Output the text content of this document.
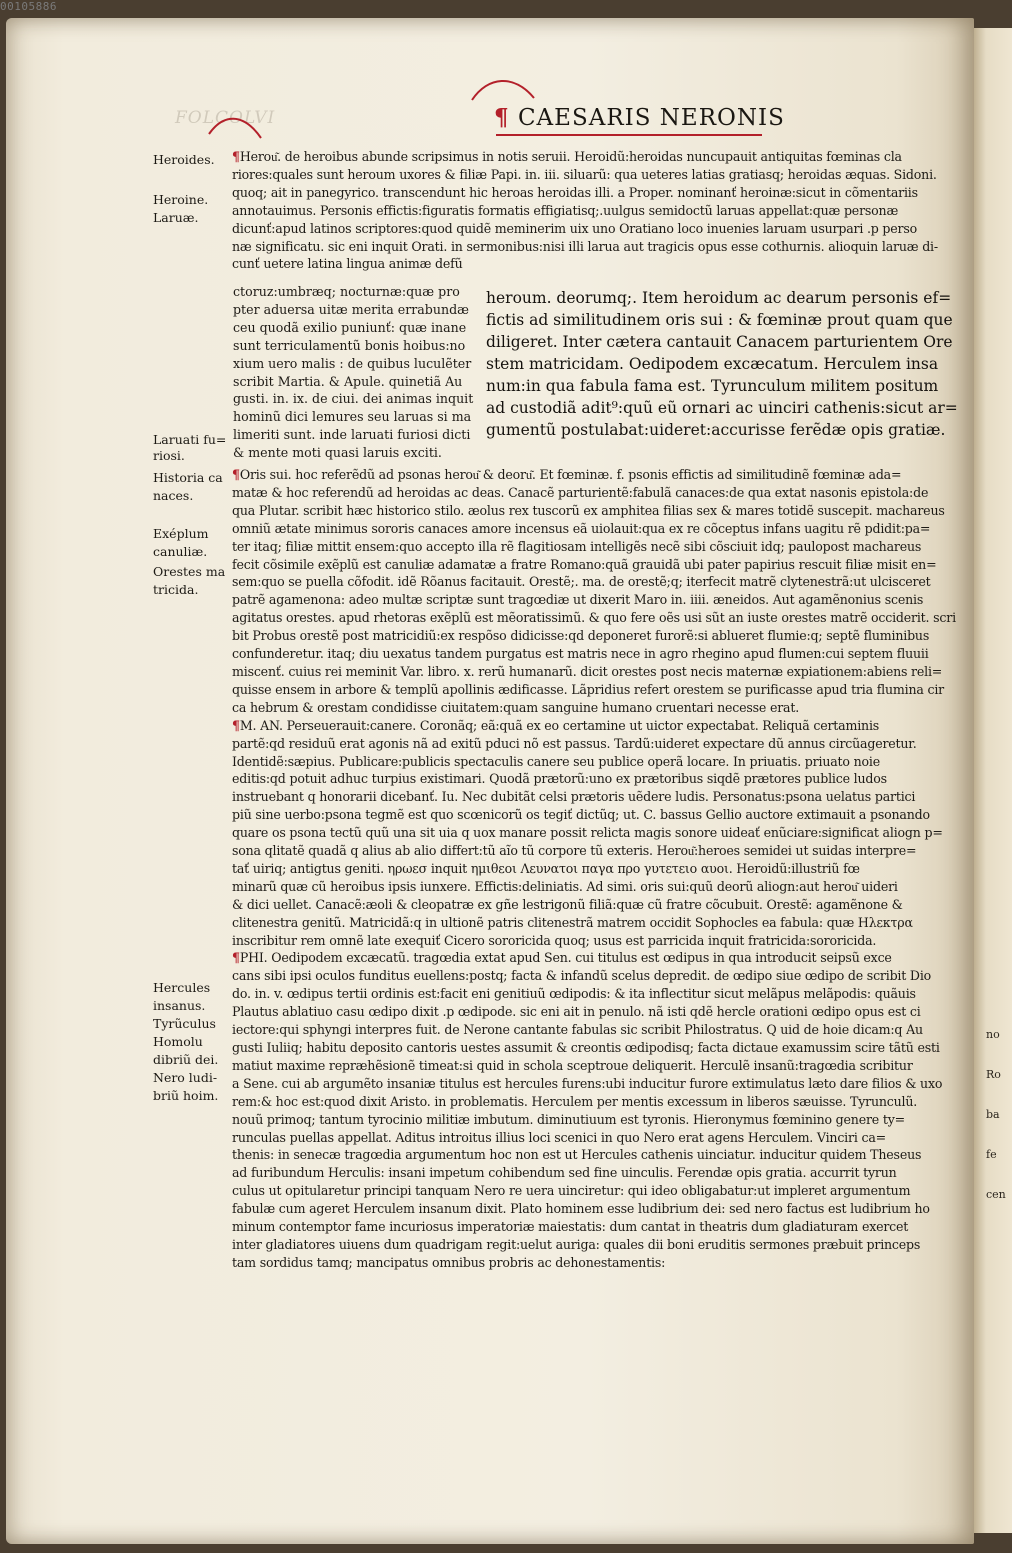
00105886
no
Ro
ba
fe
cen
FOLCOLVI	¶ CAESARIS NERONIS
Heroides.
Heroine.
Laruæ.
Laruati fu=
riosi.
Historia ca
naces.
Exéplum
canuliæ.
Orestes ma
tricida.
Hercules
insanus.
Tyrũculus
Homolu
dibriũ dei.
Nero ludi-
briũ hoim.
¶Herou͂. de heroibus abunde scripsimus in notis seruii. Heroidũ:heroidas nuncupauit antiquitas fœminas cla
riores:quales sunt heroum uxores & filiæ Papi. in. iii. siluarũ: qua ueteres latias gratiasq; heroidas æquas. Sidoni.
quoq; ait in panegyrico. transcendunt hic heroas heroidas illi. a Proper. nominanť heroinæ:sicut in cõmentariis
annotauimus. Personis effictis:figuratis formatis effigiatisq;.uulgus semidoctũ laruas appellat:quæ personæ
dicunť:apud latinos scriptores:quod quidẽ meminerim uix uno Oratiano loco inuenies laruam usurpari .p perso
næ significatu. sic eni inquit Orati. in sermonibus:nisi illi larua aut tragicis opus esse cothurnis. alioquin laruæ di-
cunť uetere latina lingua animæ defũ
ctoruz:umbræq; nocturnæ:quæ pro
pter aduersa uitæ merita errabundæ
ceu quodã exilio puniunť: quæ inane
sunt terriculamentũ bonis hoibus:no
xium uero malis : de quibus luculẽter
scribit Martia. & Apule. quinetiã Au
gusti. in. ix. de ciui. dei animas inquit
hominũ dici lemures seu laruas si ma
limeriti sunt. inde laruati furiosi dicti
& mente moti quasi laruis exciti.
heroum. deorumq;. Item heroidum ac dearum personis ef=
fictis ad similitudinem oris sui : & fœminæ prout quam que
diligeret. Inter cætera cantauit Canacem parturientem Ore
stem matricidam. Oedipodem excæcatum. Herculem insa
num:in qua fabula fama est. Tyrunculum militem positum
ad custodiã adit⁹:quũ eũ ornari ac uinciri cathenis:sicut ar=
gumentũ postulabat:uideret:accurisse ferẽdæ opis gratiæ.
¶Oris sui. hoc referẽdũ ad psonas herou͂ & deoru͂. Et fœminæ. f. psonis effictis ad similitudinẽ fœminæ ada=
matæ & hoc referendũ ad heroidas ac deas. Canacẽ parturientẽ:fabulã canaces:de qua extat nasonis epistola:de
qua Plutar. scribit hæc historico stilo. æolus rex tuscorũ ex amphitea filias sex & mares totidẽ suscepit. machareus
omniũ ætate minimus sororis canaces amore incensus eã uiolauit:qua ex re cõceptus infans uagitu rẽ pdidit:pa=
ter itaq; filiæ mittit ensem:quo accepto illa rẽ flagitiosam intelligẽs necẽ sibi cõsciuit idq; paulopost machareus
fecit cõsimile exẽplũ est canuliæ adamatæ a fratre Romano:quã grauidã ubi pater papirius rescuit filiæ misit en=
sem:quo se puella cõfodit. idẽ Rõanus facitauit. Orestẽ;. ma. de orestẽ;q; iterfecit matrẽ clytenestrã:ut ulcisceret
patrẽ agamenona: adeo multæ scriptæ sunt tragœdiæ ut dixerit Maro in. iiii. æneidos. Aut agamẽnonius scenis
agitatus orestes. apud rhetoras exẽplũ est mẽoratissimũ. & quo fere oẽs usi sũt an iuste orestes matrẽ occiderit. scri
bit Probus orestẽ post matricidiũ:ex respõso didicisse:qd deponeret furorẽ:si ablueret flumie:q; septẽ fluminibus
confunderetur. itaq; diu uexatus tandem purgatus est matris nece in agro rhegino apud flumen:cui septem fluuii
miscenť. cuius rei meminit Var. libro. x. rerũ humanarũ. dicit orestes post necis maternæ expiationem:abiens reli=
quisse ensem in arbore & templũ apollinis ædificasse. Lãpridius refert orestem se purificasse apud tria flumina cir
ca hebrum & orestam condidisse ciuitatem:quam sanguine humano cruentari necesse erat.
¶M. AN. Perseuerauit:canere. Coronãq; eã:quã ex eo certamine ut uictor expectabat. Reliquã certaminis
partẽ:qd residuũ erat agonis nã ad exitũ pduci nõ est passus. Tardũ:uideret expectare dũ annus circũageretur.
Identidẽ:sæpius. Publicare:publicis spectaculis canere seu publice operã locare. In priuatis. priuato noie
editis:qd potuit adhuc turpius existimari. Quodã prætorũ:uno ex prætoribus siqdẽ prætores publice ludos
instruebant q honorarii dicebanť. Iu. Nec dubitãt celsi prætoris uẽdere ludis. Personatus:psona uelatus partici
piũ sine uerbo:psona tegmẽ est quo scœnicorũ os tegiť dictũq; ut. C. bassus Gellio auctore extimauit a psonando
quare os psona tectũ quũ una sit uia q uox manare possit relicta magis sonore uideať enũciare:significat aliogn p=
sona qlitatẽ quadã q alius ab alio differt:tũ aĩo tũ corpore tũ exteris. Herou͂:heroes semidei ut suidas interpre=
tať uiriq; antigtus geniti. ηρωεσ inquit ημιθεοι Λευνατοι παγα προ γυτετειο αυοι. Heroidũ:illustriũ fœ
minarũ quæ cũ heroibus ipsis iunxere. Effictis:deliniatis. Ad simi. oris sui:quũ deorũ aliogn:aut herou͂ uideri
& dici uellet. Canacẽ:æoli & cleopatræ ex gñe lestrigonũ filiã:quæ cũ fratre cõcubuit. Orestẽ: agamẽnone &
clitenestra genitũ. Matricidã:q in ultionẽ patris clitenestrã matrem occidit Sophocles ea fabula: quæ Ηλεκτρα
inscribitur rem omnẽ late exequiť Cicero sororicida quoq; usus est parricida inquit fratricida:sororicida.
¶PHI. Oedipodem excæcatũ. tragœdia extat apud Sen. cui titulus est œdipus in qua introducit seipsũ exce
cans sibi ipsi oculos funditus euellens:postq; facta & infandũ scelus depredit. de œdipo siue œdipo de scribit Dio
do. in. v. œdipus tertii ordinis est:facit eni genitiuũ œdipodis: & ita inflectitur sicut melãpus melãpodis: quãuis
Plautus ablatiuo casu œdipo dixit .p œdipode. sic eni ait in penulo. nã isti qdẽ hercle orationi œdipo opus est ci
iectore:qui sphyngi interpres fuit. de Nerone cantante fabulas sic scribit Philostratus. Q uid de hoie dicam:q Au
gusti Iuliiq; habitu deposito cantoris uestes assumit & creontis œdipodisq; facta dictaue examussim scire tãtũ esti
matiut maxime repræhẽsionẽ timeat:si quid in schola sceptroue deliquerit. Herculẽ insanũ:tragœdia scribitur
a Sene. cui ab argumẽto insaniæ titulus est hercules furens:ubi inducitur furore extimulatus læto dare filios & uxo
rem:& hoc est:quod dixit Aristo. in problematis. Herculem per mentis excessum in liberos sæuisse. Tyrunculũ.
nouũ primoq; tantum tyrocinio militiæ imbutum. diminutiuum est tyronis. Hieronymus fœminino genere ty=
runculas puellas appellat. Aditus introitus illius loci scenici in quo Nero erat agens Herculem. Vinciri ca=
thenis: in senecæ tragœdia argumentum hoc non est ut Hercules cathenis uinciatur. inducitur quidem Theseus
ad furibundum Herculis: insani impetum cohibendum sed fine uinculis. Ferendæ opis gratia. accurrit tyrun
culus ut opitularetur principi tanquam Nero re uera uinciretur: qui ideo obligabatur:ut impleret argumentum
fabulæ cum ageret Herculem insanum dixit. Plato hominem esse ludibrium dei: sed nero factus est ludibrium ho
minum contemptor fame incuriosus imperatoriæ maiestatis: dum cantat in theatris dum gladiaturam exercet
inter gladiatores uiuens dum quadrigam regit:uelut auriga: quales dii boni eruditis sermones præbuit princeps
tam sordidus tamq; mancipatus omnibus probris ac dehonestamentis:
